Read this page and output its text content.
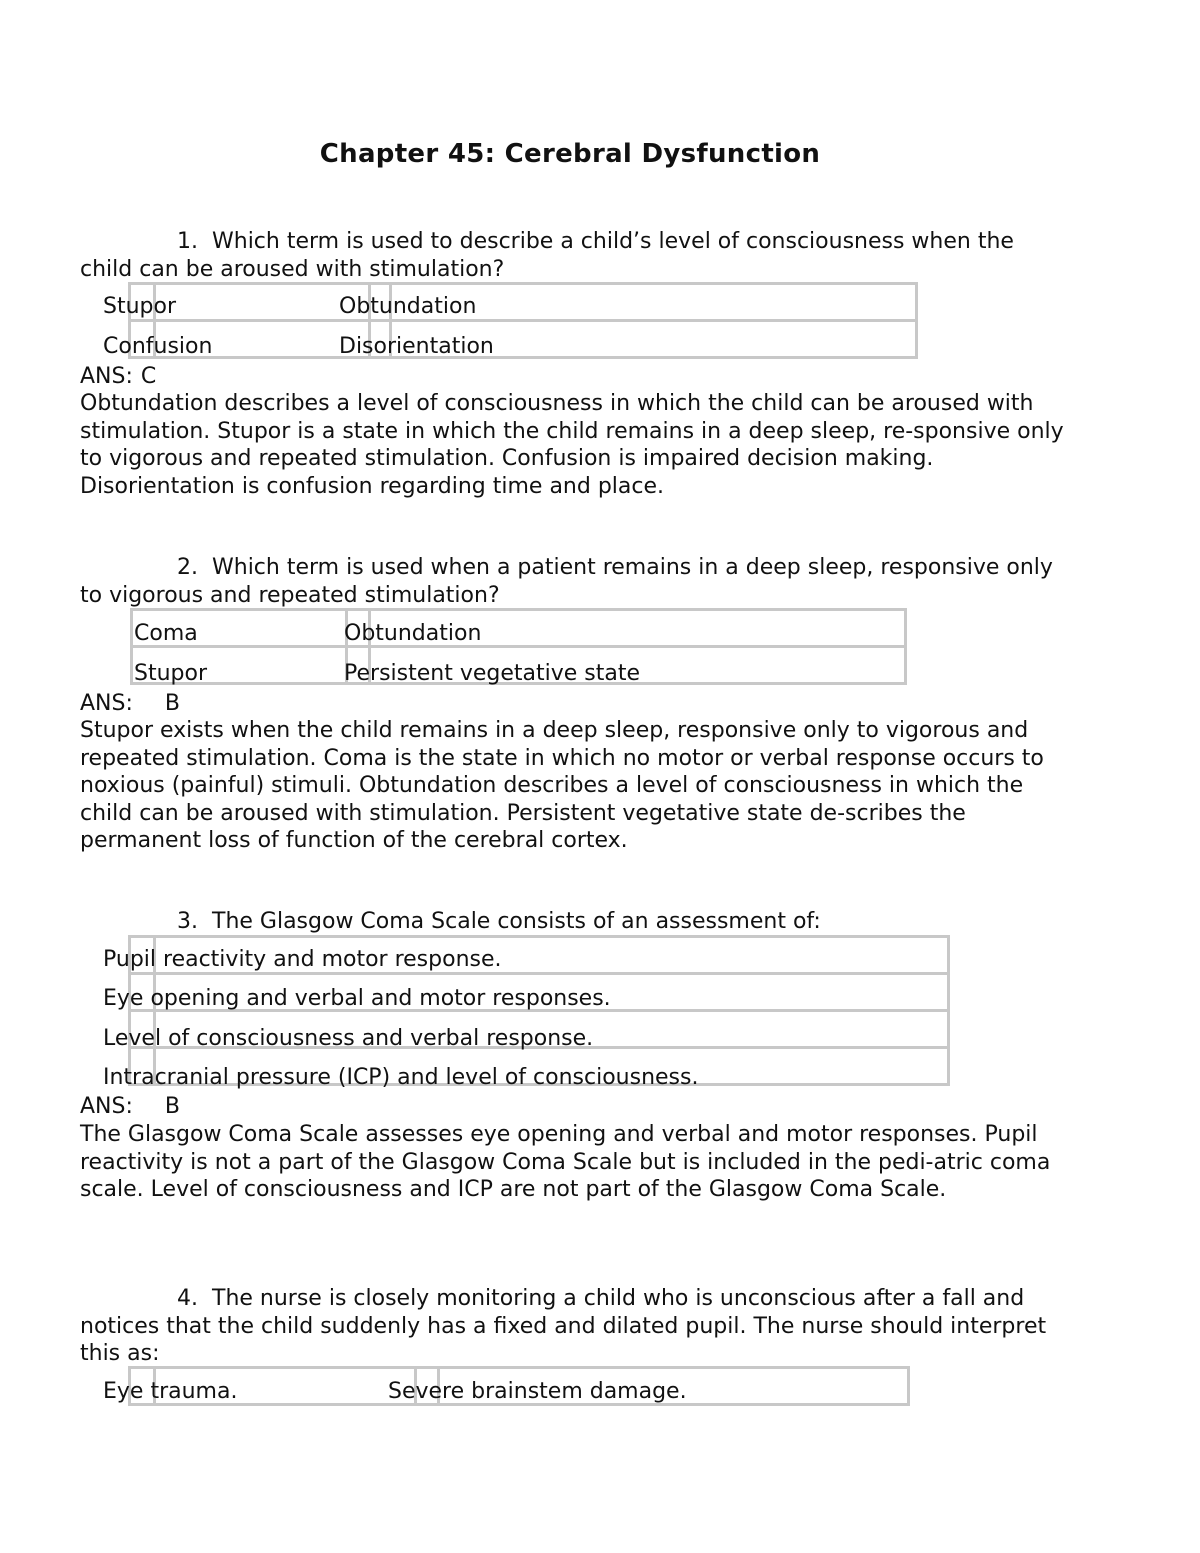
Chapter 45: Cerebral Dysfunction
1. Which term is used to describe a child’s level of consciousness when the child can be aroused with stimulation?

Stupor	Obtundation
Confusion	Disorientation
ANS: C

Obtundation describes a level of consciousness in which the child can be aroused with stimulation. Stupor is a state in which the child remains in a deep sleep, re-sponsive only to vigorous and repeated stimulation. Confusion is impaired decision making. Disorientation is confusion regarding time and place.

2. Which term is used when a patient remains in a deep sleep, responsive only to vigorous and repeated stimulation?

Coma	Obtundation
Stupor	Persistent vegetative state
ANS: B

Stupor exists when the child remains in a deep sleep, responsive only to vigorous and repeated stimulation. Coma is the state in which no motor or verbal response occurs to noxious (painful) stimuli. Obtundation describes a level of consciousness in which the child can be aroused with stimulation. Persistent vegetative state de-scribes the permanent loss of function of the cerebral cortex.

3. The Glasgow Coma Scale consists of an assessment of:

Pupil reactivity and motor response.
Eye opening and verbal and motor responses.
Level of consciousness and verbal response.
Intracranial pressure (ICP) and level of consciousness.
ANS: B

The Glasgow Coma Scale assesses eye opening and verbal and motor responses. Pupil reactivity is not a part of the Glasgow Coma Scale but is included in the pedi-atric coma scale. Level of consciousness and ICP are not part of the Glasgow Coma Scale.

4. The nurse is closely monitoring a child who is unconscious after a fall and notices that the child suddenly has a fixed and dilated pupil. The nurse should interpret this as:

Eye trauma.	Severe brainstem damage.
